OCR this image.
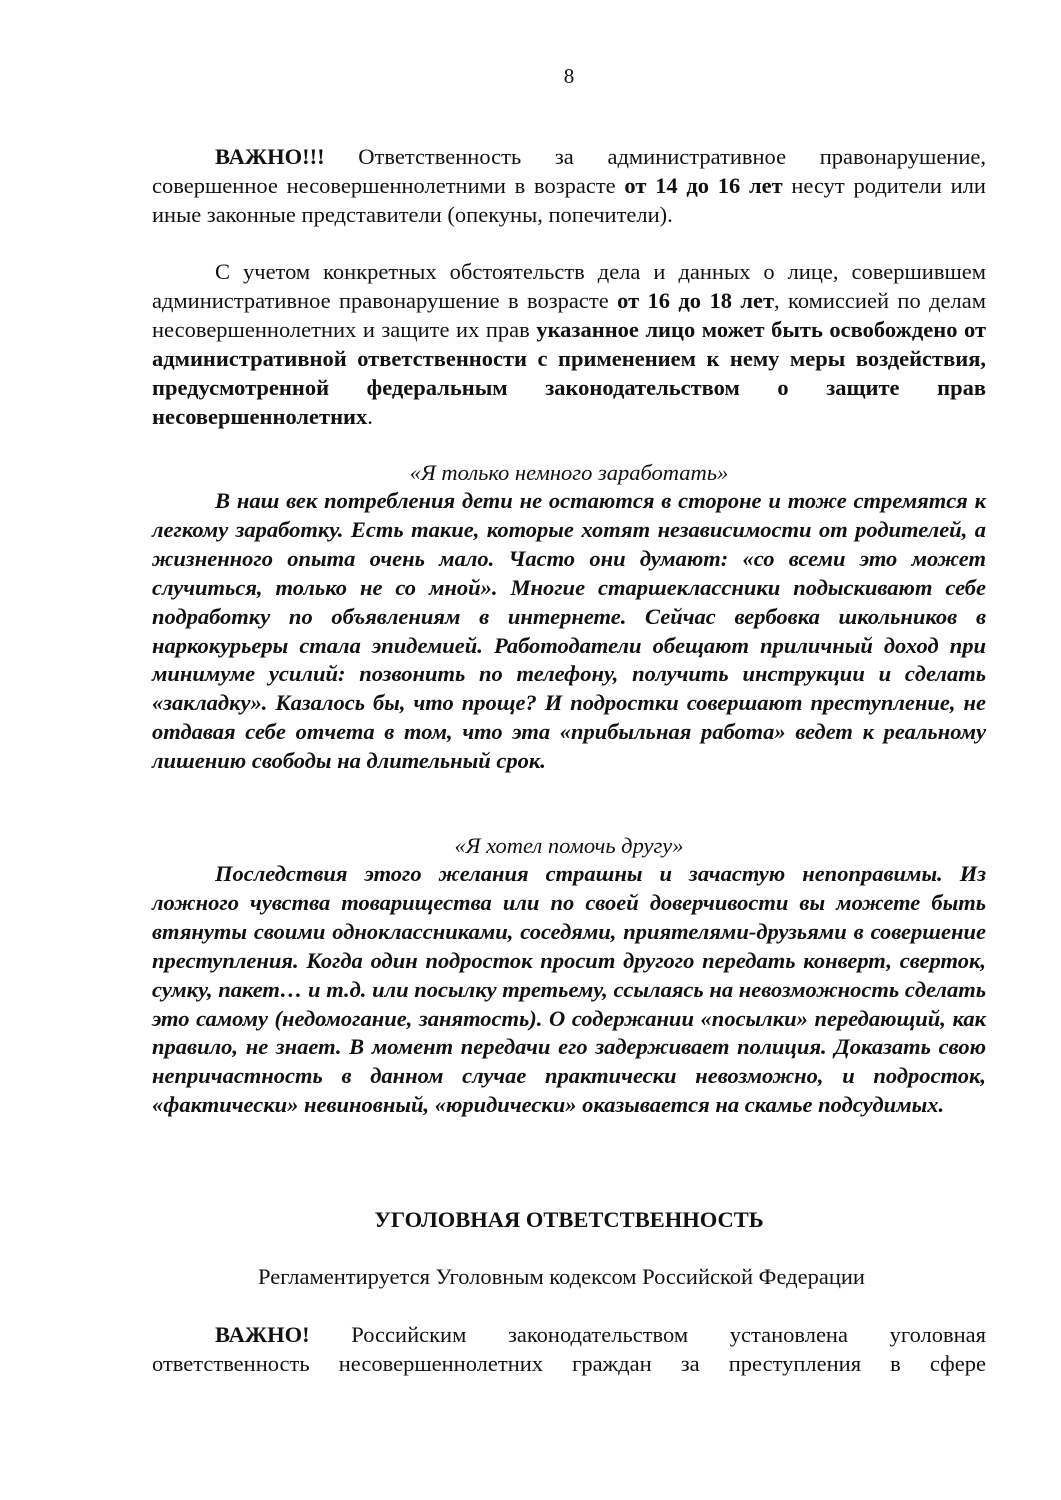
8

ВАЖНО!!! Ответственность за административное правонарушение, совершенное несовершеннолетними в возрасте от 14 до 16 лет несут родители или иные законные представители (опекуны, попечители).

С учетом конкретных обстоятельств дела и данных о лице, совершившем административное правонарушение в возрасте от 16 до 18 лет, комиссией по делам несовершеннолетних и защите их прав указанное лицо может быть освобождено от административной ответственности с применением к нему меры воздействия, предусмотренной федеральным законодательством о защите прав несовершеннолетних.

«Я только немного заработать»

В наш век потребления дети не остаются в стороне и тоже стремятся к легкому заработку. Есть такие, которые хотят независимости от родителей, а жизненного опыта очень мало. Часто они думают: «со всеми это может случиться, только не со мной». Многие старшеклассники подыскивают себе подработку по объявлениям в интернете. Сейчас вербовка школьников в наркокурьеры стала эпидемией. Работодатели обещают приличный доход при минимуме усилий: позвонить по телефону, получить инструкции и сделать «закладку». Казалось бы, что проще? И подростки совершают преступление, не отдавая себе отчета в том, что эта «прибыльная работа» ведет к реальному лишению свободы на длительный срок.

«Я хотел помочь другу»

Последствия этого желания страшны и зачастую непоправимы. Из ложного чувства товарищества или по своей доверчивости вы можете быть втянуты своими одноклассниками, соседями, приятелями-друзьями в совершение преступления. Когда один подросток просит другого передать конверт, сверток, сумку, пакет… и т.д. или посылку третьему, ссылаясь на невозможность сделать это самому (недомогание, занятость). О содержании «посылки» передающий, как правило, не знает. В момент передачи его задерживает полиция. Доказать свою непричастность в данном случае практически невозможно, и подросток, «фактически» невиновный, «юридически» оказывается на скамье подсудимых.

УГОЛОВНАЯ ОТВЕТСТВЕННОСТЬ

Регламентируется Уголовным кодексом Российской Федерации

ВАЖНО! Российским законодательством установлена уголовная ответственность несовершеннолетних граждан за преступления в сфере
